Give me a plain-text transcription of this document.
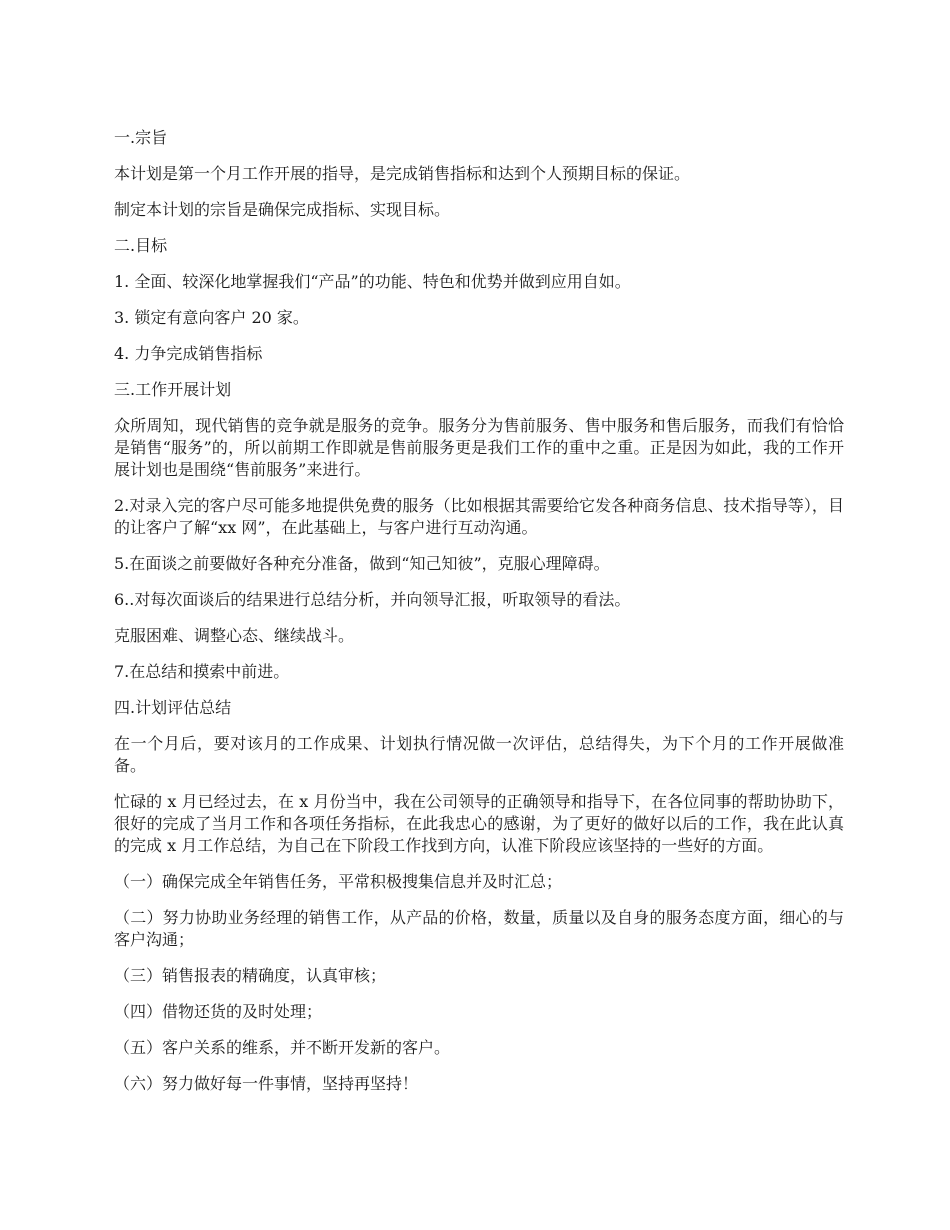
一.宗旨

本计划是第一个月工作开展的指导，是完成销售指标和达到个人预期目标的保证。

制定本计划的宗旨是确保完成指标、实现目标。

二.目标

1. 全面、较深化地掌握我们“产品”的功能、特色和优势并做到应用自如。

3. 锁定有意向客户 20 家。

4. 力争完成销售指标

三.工作开展计划

众所周知，现代销售的竞争就是服务的竞争。服务分为售前服务、售中服务和售后服务，而我们有恰恰是销售“服务”的，所以前期工作即就是售前服务更是我们工作的重中之重。正是因为如此，我的工作开展计划也是围绕“售前服务”来进行。

2.对录入完的客户尽可能多地提供免费的服务（比如根据其需要给它发各种商务信息、技术指导等），目的让客户了解“xx 网”，在此基础上，与客户进行互动沟通。

5.在面谈之前要做好各种充分准备，做到“知己知彼”，克服心理障碍。

6..对每次面谈后的结果进行总结分析，并向领导汇报，听取领导的看法。

克服困难、调整心态、继续战斗。

7.在总结和摸索中前进。

四.计划评估总结

在一个月后，要对该月的工作成果、计划执行情况做一次评估，总结得失，为下个月的工作开展做准备。

忙碌的 x 月已经过去，在 x 月份当中，我在公司领导的正确领导和指导下，在各位同事的帮助协助下，很好的完成了当月工作和各项任务指标，在此我忠心的感谢，为了更好的做好以后的工作，我在此认真的完成 x 月工作总结，为自己在下阶段工作找到方向，认准下阶段应该坚持的一些好的方面。

（一）确保完成全年销售任务，平常积极搜集信息并及时汇总；

（二）努力协助业务经理的销售工作，从产品的价格，数量，质量以及自身的服务态度方面，细心的与客户沟通；

（三）销售报表的精确度，认真审核；

（四）借物还货的及时处理；

（五）客户关系的维系，并不断开发新的客户。

（六）努力做好每一件事情，坚持再坚持！
